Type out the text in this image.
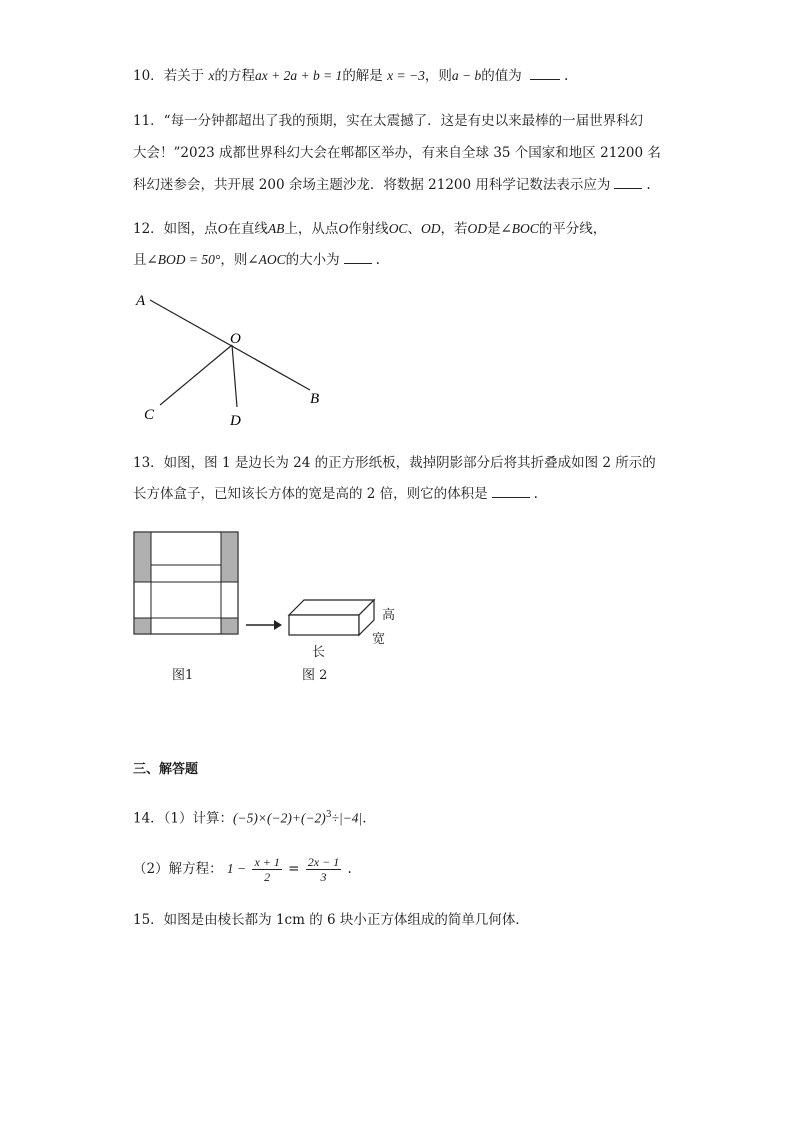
10．若关于 x的方程ax + 2a + b = 1的解是 x = −3，则a − b的值为	.
11．“每一分钟都超出了我的预期，实在太震撼了．这是有史以来最棒的一届世界科幻
大会！”2023 成都世界科幻大会在郫都区举办，有来自全球 35 个国家和地区 21200 名
科幻迷参会，共开展 200 余场主题沙龙．将数据 21200 用科学记数法表示应为	.
12．如图，点O在直线AB上，从点O作射线OC、OD，若OD是∠BOC的平分线，
且∠BOD = 50°，则∠AOC的大小为	.
A
O
B
C	D
13．如图，图 1 是边长为 24 的正方形纸板，裁掉阴影部分后将其折叠成如图 2 所示的
长方体盒子，已知该长方体的宽是高的 2 倍，则它的体积是	.
高
宽
长
图1	图 2
三、解答题
14．（1）计算：$(-5)\times(-2)+(-2)^3\div|-4|$.
（2）解方程： $1 - \frac{x + 1}{2} = \frac{2x - 1}{3}$ .
15．如图是由棱长都为 1cm 的 6 块小正方体组成的简单几何体．
